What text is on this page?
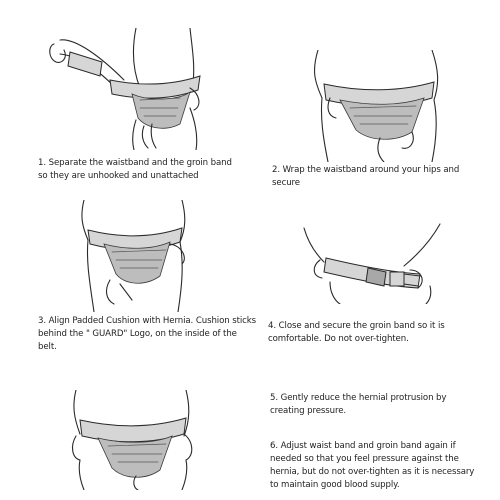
1. Separate the waistband and the groin band so they are unhooked and unattached

2. Wrap the waistband around your hips and secure

3. Align Padded Cushion with Hernia. Cushion sticks behind the " GUARD" Logo, on the inside of the belt.

4. Close and secure the groin band so it is comfortable. Do not over-tighten.

5. Gently reduce the hernial protrusion by creating pressure.

6. Adjust waist band and groin band again if needed so that you feel pressure against the hernia, but do not over-tighten as it is necessary to maintain good blood supply.
